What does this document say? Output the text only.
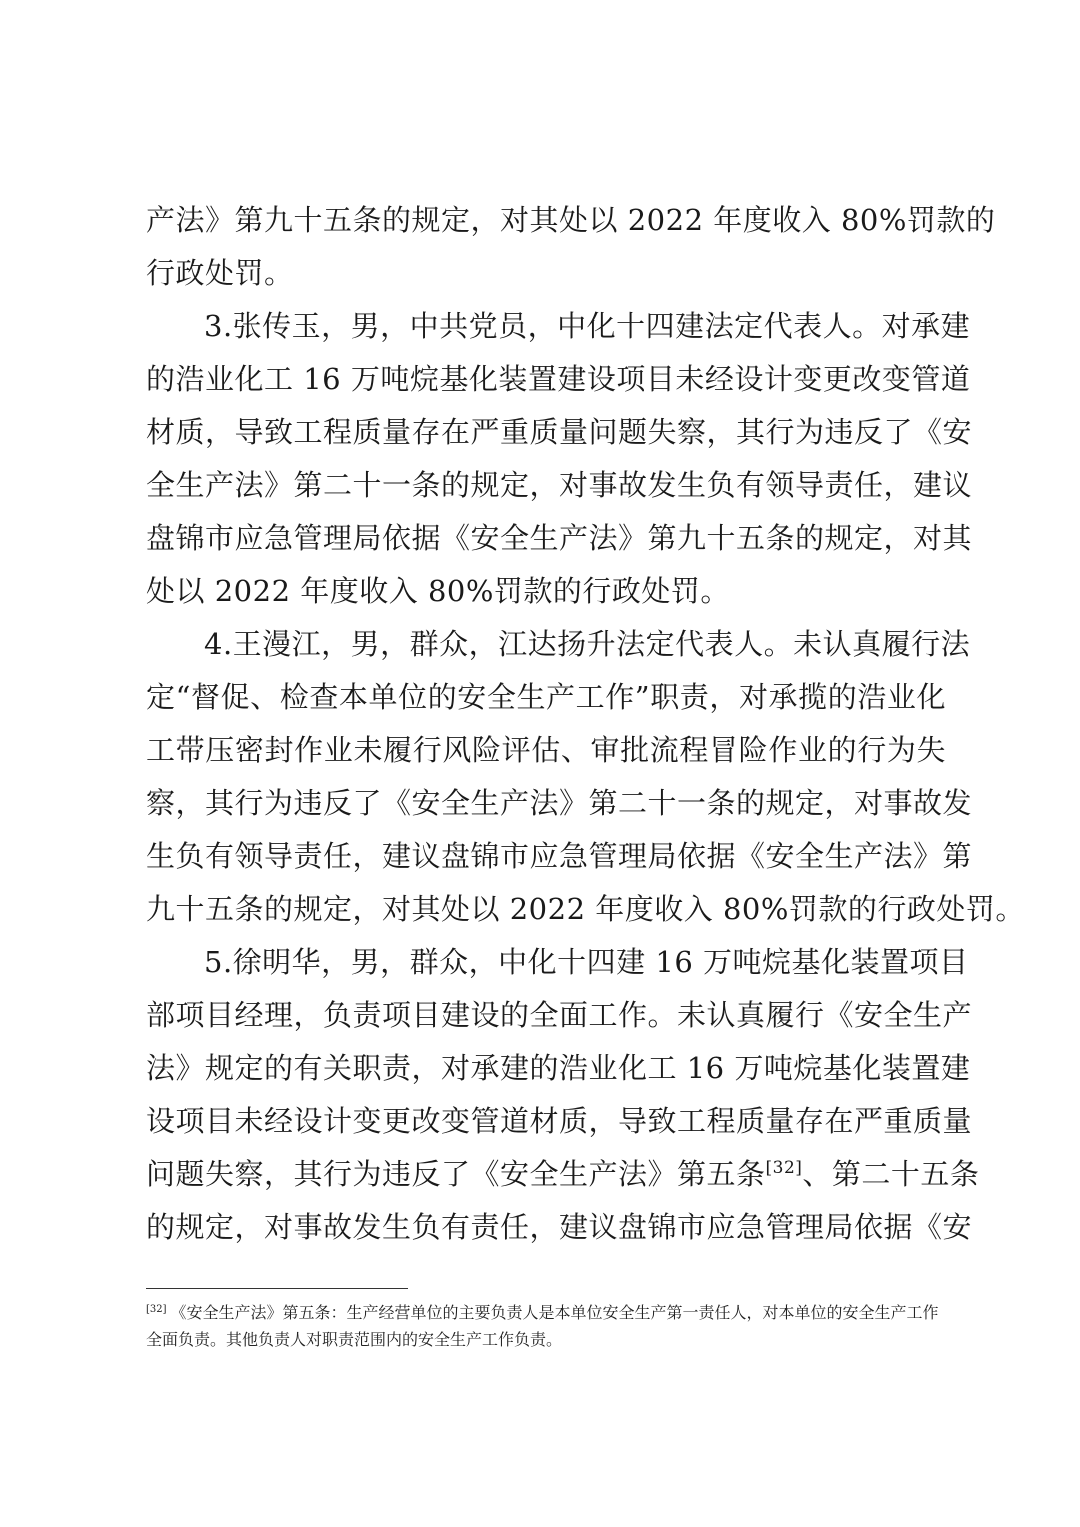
产法》第九十五条的规定，对其处以 2022 年度收入 80%罚款的
行政处罚。
3.张传玉，男，中共党员，中化十四建法定代表人。对承建
的浩业化工 16 万吨烷基化装置建设项目未经设计变更改变管道
材质，导致工程质量存在严重质量问题失察，其行为违反了《安
全生产法》第二十一条的规定，对事故发生负有领导责任，建议
盘锦市应急管理局依据《安全生产法》第九十五条的规定，对其
处以 2022 年度收入 80%罚款的行政处罚。
4.王漫江，男，群众，江达扬升法定代表人。未认真履行法
定“督促、检查本单位的安全生产工作”职责，对承揽的浩业化
工带压密封作业未履行风险评估、审批流程冒险作业的行为失
察，其行为违反了《安全生产法》第二十一条的规定，对事故发
生负有领导责任，建议盘锦市应急管理局依据《安全生产法》第
九十五条的规定，对其处以 2022 年度收入 80%罚款的行政处罚。
5.徐明华，男，群众，中化十四建 16 万吨烷基化装置项目
部项目经理，负责项目建设的全面工作。未认真履行《安全生产
法》规定的有关职责，对承建的浩业化工 16 万吨烷基化装置建
设项目未经设计变更改变管道材质，导致工程质量存在严重质量
问题失察，其行为违反了《安全生产法》第五条[32]、第二十五条
的规定，对事故发生负有责任，建议盘锦市应急管理局依据《安
[32] 《安全生产法》第五条：生产经营单位的主要负责人是本单位安全生产第一责任人，对本单位的安全生产工作
全面负责。其他负责人对职责范围内的安全生产工作负责。
